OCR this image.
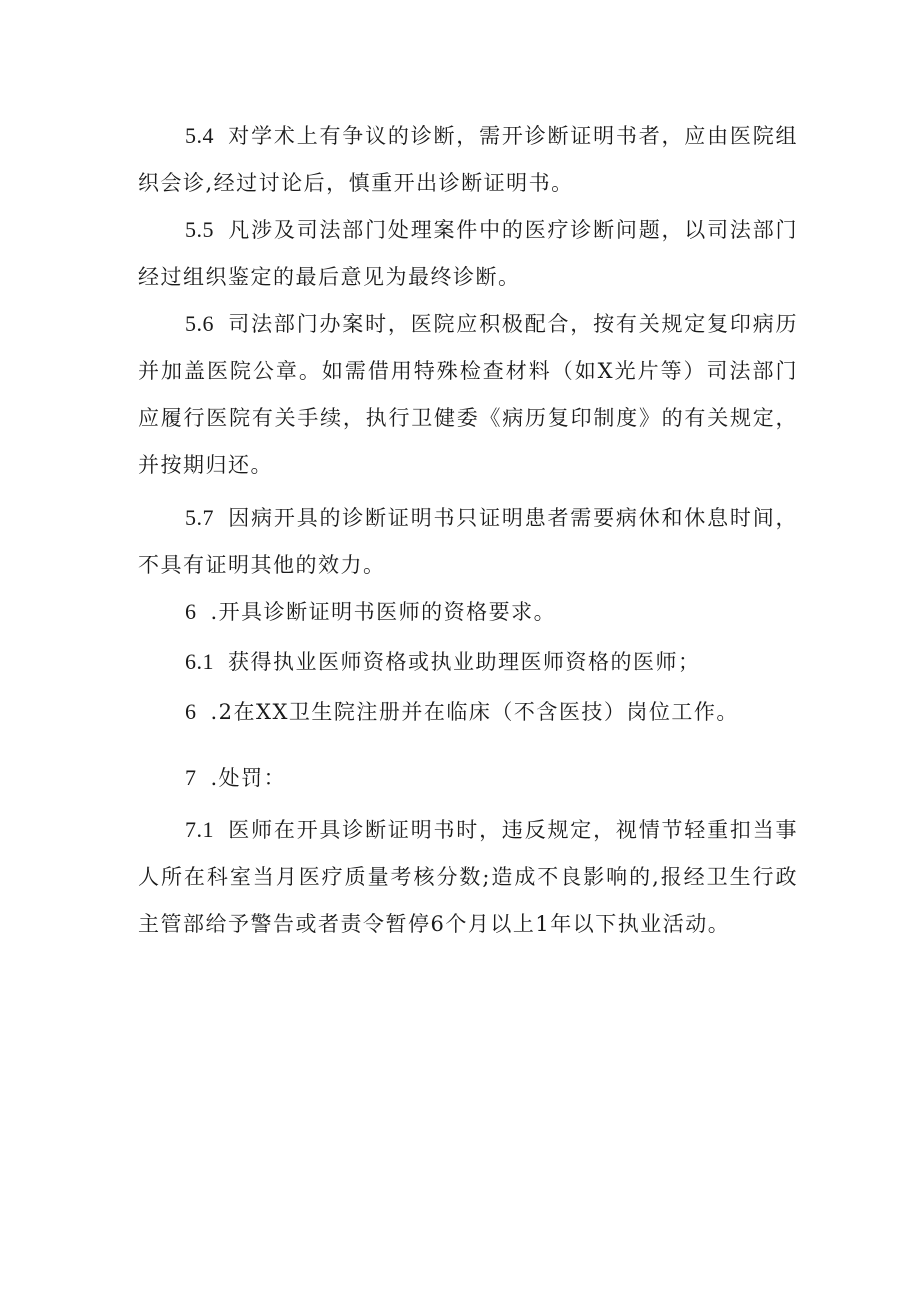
5.4 对学术上有争议的诊断，需开诊断证明书者，应由医院组织会诊,经过讨论后，慎重开出诊断证明书。

5.5 凡涉及司法部门处理案件中的医疗诊断问题，以司法部门经过组织鉴定的最后意见为最终诊断。

5.6 司法部门办案时，医院应积极配合，按有关规定复印病历并加盖医院公章。如需借用特殊检查材料（如X光片等）司法部门应履行医院有关手续，执行卫健委《病历复印制度》的有关规定，并按期归还。

5.7 因病开具的诊断证明书只证明患者需要病休和休息时间，不具有证明其他的效力。

6 .开具诊断证明书医师的资格要求。

6.1 获得执业医师资格或执业助理医师资格的医师；

6 .2在XX卫生院注册并在临床（不含医技）岗位工作。

7 .处罚：

7.1 医师在开具诊断证明书时，违反规定，视情节轻重扣当事人所在科室当月医疗质量考核分数;造成不良影响的,报经卫生行政主管部给予警告或者责令暂停6个月以上1年以下执业活动。
